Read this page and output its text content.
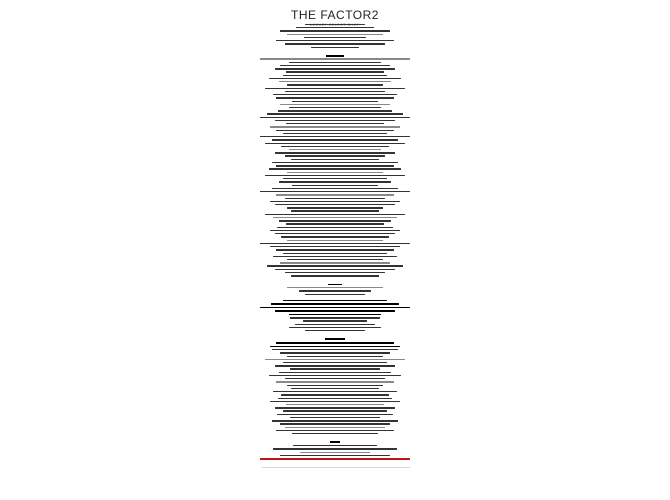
THE FACTOR2
